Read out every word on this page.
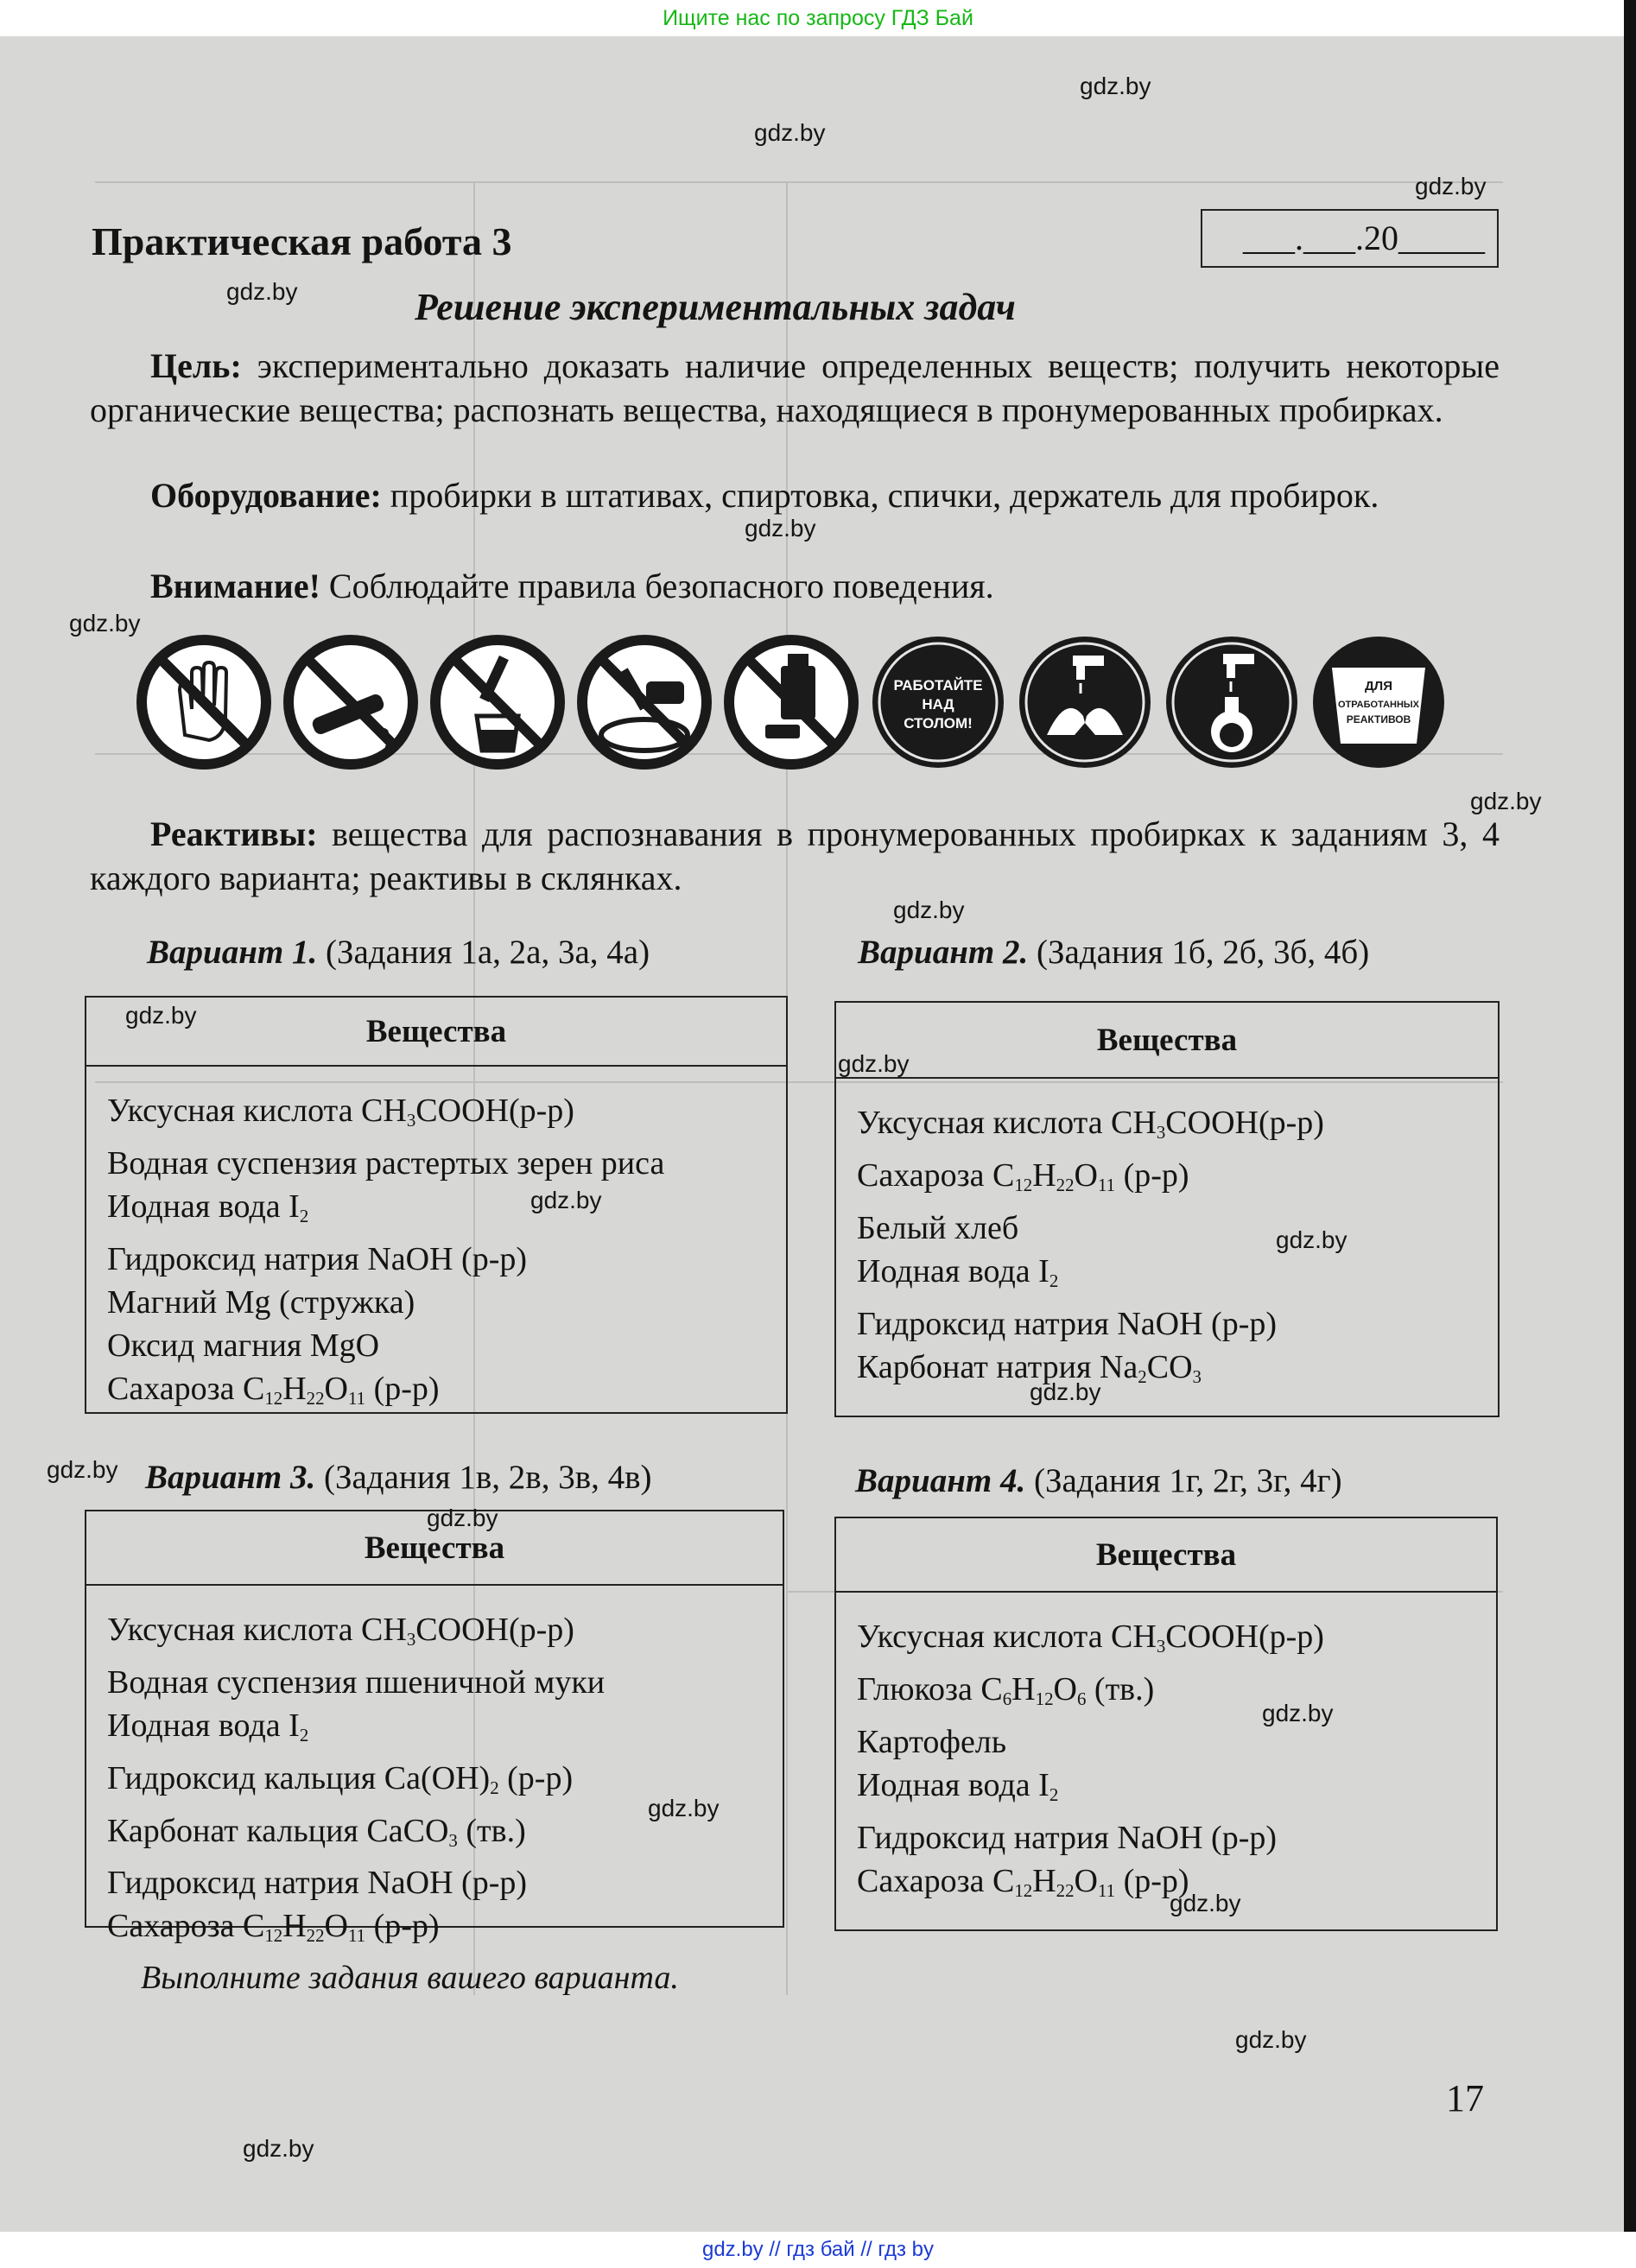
Ищите нас по запросу ГДЗ Бай
Практическая работа 3	___.___.20_____
Решение экспериментальных задач
Цель: экспериментально доказать наличие определенных веществ; получить некоторые органические вещества; распознать вещества, находящиеся в пронумерованных пробирках.
Оборудование: пробирки в штативах, спиртовка, спички, держатель для пробирок.
Внимание! Соблюдайте правила безопасного поведения.
РАБОТАЙТЕ
НАД
СТОЛОМ!
ДЛЯ
ОТРАБОТАННЫХ
РЕАКТИВОВ
Реактивы: вещества для распознавания в пронумерованных пробирках к заданиям 3, 4 каждого варианта; реактивы в склянках.
Вариант 1. (Задания 1а, 2а, 3а, 4а)
Вещества
Уксусная кислота $CH_3COOH(р-р)$
Водная суспензия растертых зерен риса
Иодная вода $I_2$
Гидроксид натрия NaOH (р-р)
Магний Mg (стружка)
Оксид магния MgO
Сахароза $C_{12}H_{22}O_{11}$ (р-р)
Вариант 2. (Задания 1б, 2б, 3б, 4б)
Вещества
Уксусная кислота $CH_3COOH(р-р)$
Сахароза $C_{12}H_{22}O_{11}$ (р-р)
Белый хлеб
Иодная вода $I_2$
Гидроксид натрия NaOH (р-р)
Карбонат натрия $Na_2CO_3$
Вариант 3. (Задания 1в, 2в, 3в, 4в)
Вещества
Уксусная кислота $CH_3COOH(р-р)$
Водная суспензия пшеничной муки
Иодная вода $I_2$
Гидроксид кальция $Ca(OH)_2$ (р-р)
Карбонат кальция CaCO$_3$ (тв.)
Гидроксид натрия NaOH (р-р)
Сахароза $C_{12}H_{22}O_{11}$ (р-р)
Вариант 4. (Задания 1г, 2г, 3г, 4г)
Вещества
Уксусная кислота $CH_3COOH(р-р)$
Глюкоза $C_6H_{12}O_6$ (тв.)
Картофель
Иодная вода $I_2$
Гидроксид натрия NaOH (р-р)
Сахароза $C_{12}H_{22}O_{11}$ (р-р)
Выполните задания вашего варианта.
17
gdz.by
gdz.by
gdz.by
gdz.by
gdz.by
gdz.by
gdz.by
gdz.by
gdz.by
gdz.by
gdz.by
gdz.by
gdz.by
gdz.by
gdz.by
gdz.by
gdz.by
gdz.by
gdz.by
gdz.by
gdz.by // гдз бай // гдз by
